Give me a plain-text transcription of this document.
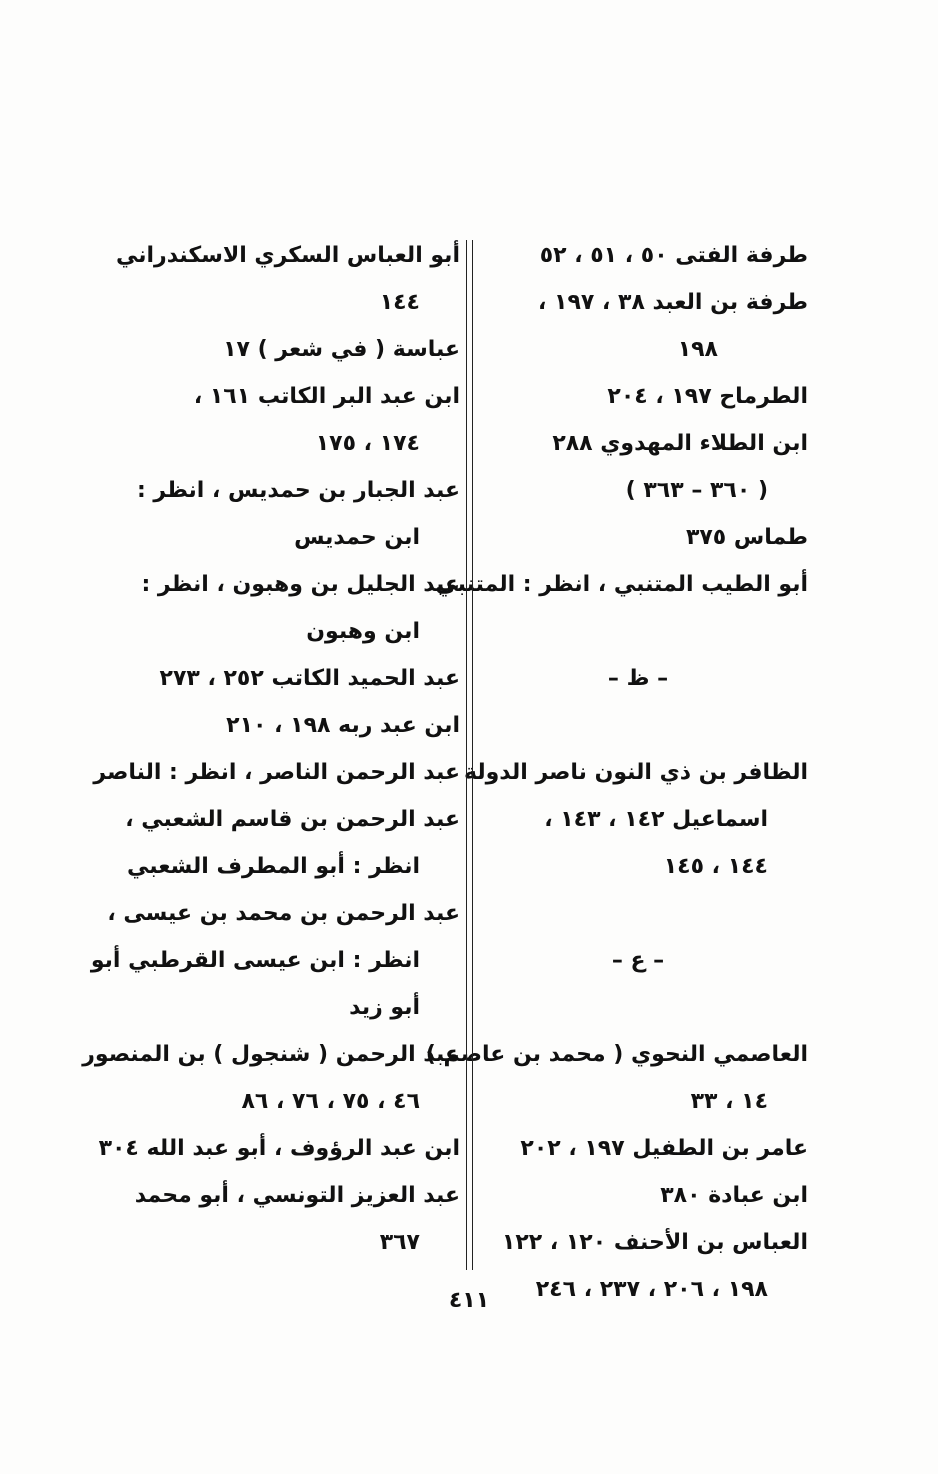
طرفة الفتى ٥٠ ، ٥١ ، ٥٢
طرفة بن العبد ٣٨ ، ١٩٧ ،
١٩٨
الطرماح ١٩٧ ، ٢٠٤
ابن الطلاء المهدوي ٢٨٨
( ٣٦٠ – ٣٦٣ )
طماس ٣٧٥
أبو الطيب المتنبي ، انظر : المتنبي
– ظ –
الظافر بن ذي النون ناصر الدولة
اسماعيل ١٤٢ ، ١٤٣ ،
١٤٤ ، ١٤٥
– ع –
العاصمي النحوي ( محمد بن عاصم )
١٤ ، ٣٣
عامر بن الطفيل ١٩٧ ، ٢٠٢
ابن عبادة ٣٨٠
العباس بن الأحنف ١٢٠ ، ١٢٢
١٩٨ ، ٢٠٦ ، ٢٣٧ ، ٢٤٦
أبو العباس السكري الاسكندراني
١٤٤
عباسة ( في شعر ) ١٧
ابن عبد البر الكاتب ١٦١ ،
١٧٤ ، ١٧٥
عبد الجبار بن حمديس ، انظر :
ابن حمديس
عبد الجليل بن وهبون ، انظر :
ابن وهبون
عبد الحميد الكاتب ٢٥٢ ، ٢٧٣
ابن عبد ربه ١٩٨ ، ٢١٠
عبد الرحمن الناصر ، انظر : الناصر
عبد الرحمن بن قاسم الشعبي ،
انظر : أبو المطرف الشعبي
عبد الرحمن بن محمد بن عيسى ،
انظر : ابن عيسى القرطبي أبو
أبو زيد
عبد الرحمن ( شنجول ) بن المنصور
٤٦ ، ٧٥ ، ٧٦ ، ٨٦
ابن عبد الرؤوف ، أبو عبد الله ٣٠٤
عبد العزيز التونسي ، أبو محمد
٣٦٧
٤١١
